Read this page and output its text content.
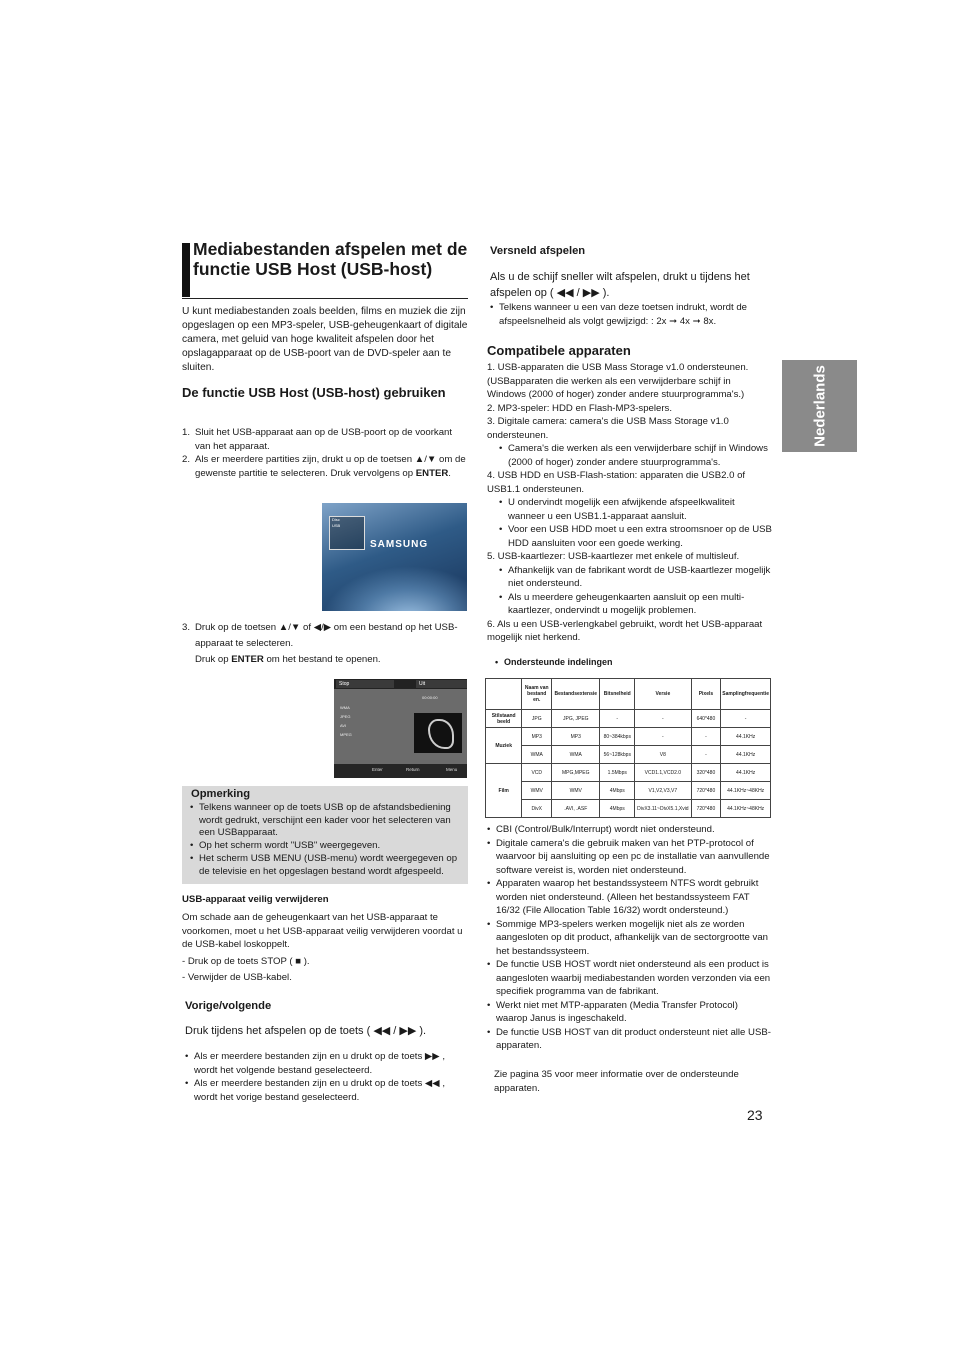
Mediabestanden afspelen met de functie USB Host (USB-host)

U kunt mediabestanden zoals beelden, films en muziek die zijn opgeslagen op een MP3-speler, USB-geheugenkaart of digitale camera, met geluid van hoge kwaliteit afspelen door het opslagapparaat op de USB-poort van de DVD-speler aan te sluiten.

De functie USB Host (USB-host) gebruiken
1. Sluit het USB-apparaat aan op de USB-poort op de voorkant van het apparaat.
2. Als er meerdere partities zijn, drukt u op de toetsen ▲/▼ om de gewenste partitie te selecteren. Druk vervolgens op ENTER.
Disc
USB
SAMSUNG
3. Druk op de toetsen ▲/▼ of ◀/▶ om een bestand op het USB-apparaat te selecteren.
Druk op ENTER om het bestand te openen.
Stop	Uit
00:00:00
WMA
JPEG
AVI
MPEG
Enter	Return	Menu
Opmerking
• Telkens wanneer op de toets USB op de afstandsbediening wordt gedrukt, verschijnt een kader voor het selecteren van een USBapparaat.
• Op het scherm wordt "USB" weergegeven.
• Het scherm USB MENU (USB-menu) wordt weergegeven op de televisie en het opgeslagen bestand wordt afgespeeld.
USB-apparaat veilig verwijderen

Om schade aan de geheugenkaart van het USB-apparaat te voorkomen, moet u het USB-apparaat veilig verwijderen voordat u de USB-kabel loskoppelt.

- Druk op de toets STOP ( ■ ).
- Verwijder de USB-kabel.
Vorige/volgende

Druk tijdens het afspelen op de toets ( ◀◀ / ▶▶ ).

• Als er meerdere bestanden zijn en u drukt op de toets ▶▶ , wordt het volgende bestand geselecteerd.
• Als er meerdere bestanden zijn en u drukt op de toets ◀◀ , wordt het vorige bestand geselecteerd.
Versneld afspelen

Als u de schijf sneller wilt afspelen, drukt u tijdens het afspelen op ( ◀◀ / ▶▶ ).

• Telkens wanneer u een van deze toetsen indrukt, wordt de afspeelsnelheid als volgt gewijzigd: : 2x ➞ 4x ➞ 8x.
Compatibele apparaten

1. USB-apparaten die USB Mass Storage v1.0 ondersteunen. (USBapparaten die werken als een verwijderbare schijf in Windows (2000 of hoger) zonder andere stuurprogramma's.)

2. MP3-speler: HDD en Flash-MP3-spelers.

3. Digitale camera: camera's die USB Mass Storage v1.0 ondersteunen.

• Camera's die werken als een verwijderbare schijf in Windows (2000 of hoger) zonder andere stuurprogramma's.

4. USB HDD en USB-Flash-station: apparaten die USB2.0 of USB1.1 ondersteunen.

• U ondervindt mogelijk een afwijkende afspeelkwaliteit wanneer u een USB1.1-apparaat aansluit.
• Voor een USB HDD moet u een extra stroomsnoer op de USB HDD aansluiten voor een goede werking.

5. USB-kaartlezer: USB-kaartlezer met enkele of multisleuf.

• Afhankelijk van de fabrikant wordt de USB-kaartlezer mogelijk niet ondersteund.
• Als u meerdere geheugenkaarten aansluit op een multi-kaartlezer, ondervindt u mogelijk problemen.

6. Als u een USB-verlengkabel gebruikt, wordt het USB-apparaat mogelijk niet herkend.

• Ondersteunde indelingen
	Naam van bestand en.	Bestandsextensie	Bitsnelheid	Versie	Pixels	Samplingfrequentie
Stilstaand beeld	JPG	JPG, JPEG	-	-	640*480	-
Muziek	MP3	MP3	80~384kbps	-	-	44.1KHz
	WMA	WMA	56~128kbps	V8	-	44.1KHz
Film	VCD	MPG,MPEG	1.5Mbps	VCD1.1,VCD2.0	320*480	44.1KHz
	WMV	WMV	4Mbps	V1,V2,V3,V7	720*480	44.1KHz~48KHz
	DivX	.AVI, .ASF	4Mbps	DivX3.11~DivX5.1,Xvid	720*480	44.1KHz~48KHz
• CBI (Control/Bulk/Interrupt) wordt niet ondersteund.
• Digitale camera's die gebruik maken van het PTP-protocol of waarvoor bij aansluiting op een pc de installatie van aanvullende software vereist is, worden niet ondersteund.
• Apparaten waarop het bestandssysteem NTFS wordt gebruikt worden niet ondersteund. (Alleen het bestandssysteem FAT 16/32 (File Allocation Table 16/32) wordt ondersteund.)
• Sommige MP3-spelers werken mogelijk niet als ze worden aangesloten op dit product, afhankelijk van de sectorgrootte van het bestandssysteem.
• De functie USB HOST wordt niet ondersteund als een product is aangesloten waarbij mediabestanden worden verzonden via een specifiek programma van de fabrikant.
• Werkt niet met MTP-apparaten (Media Transfer Protocol) waarop Janus is ingeschakeld.
• De functie USB HOST van dit product ondersteunt niet alle USB-apparaten.

Zie pagina 35 voor meer informatie over de ondersteunde apparaten.

Nederlands
23
